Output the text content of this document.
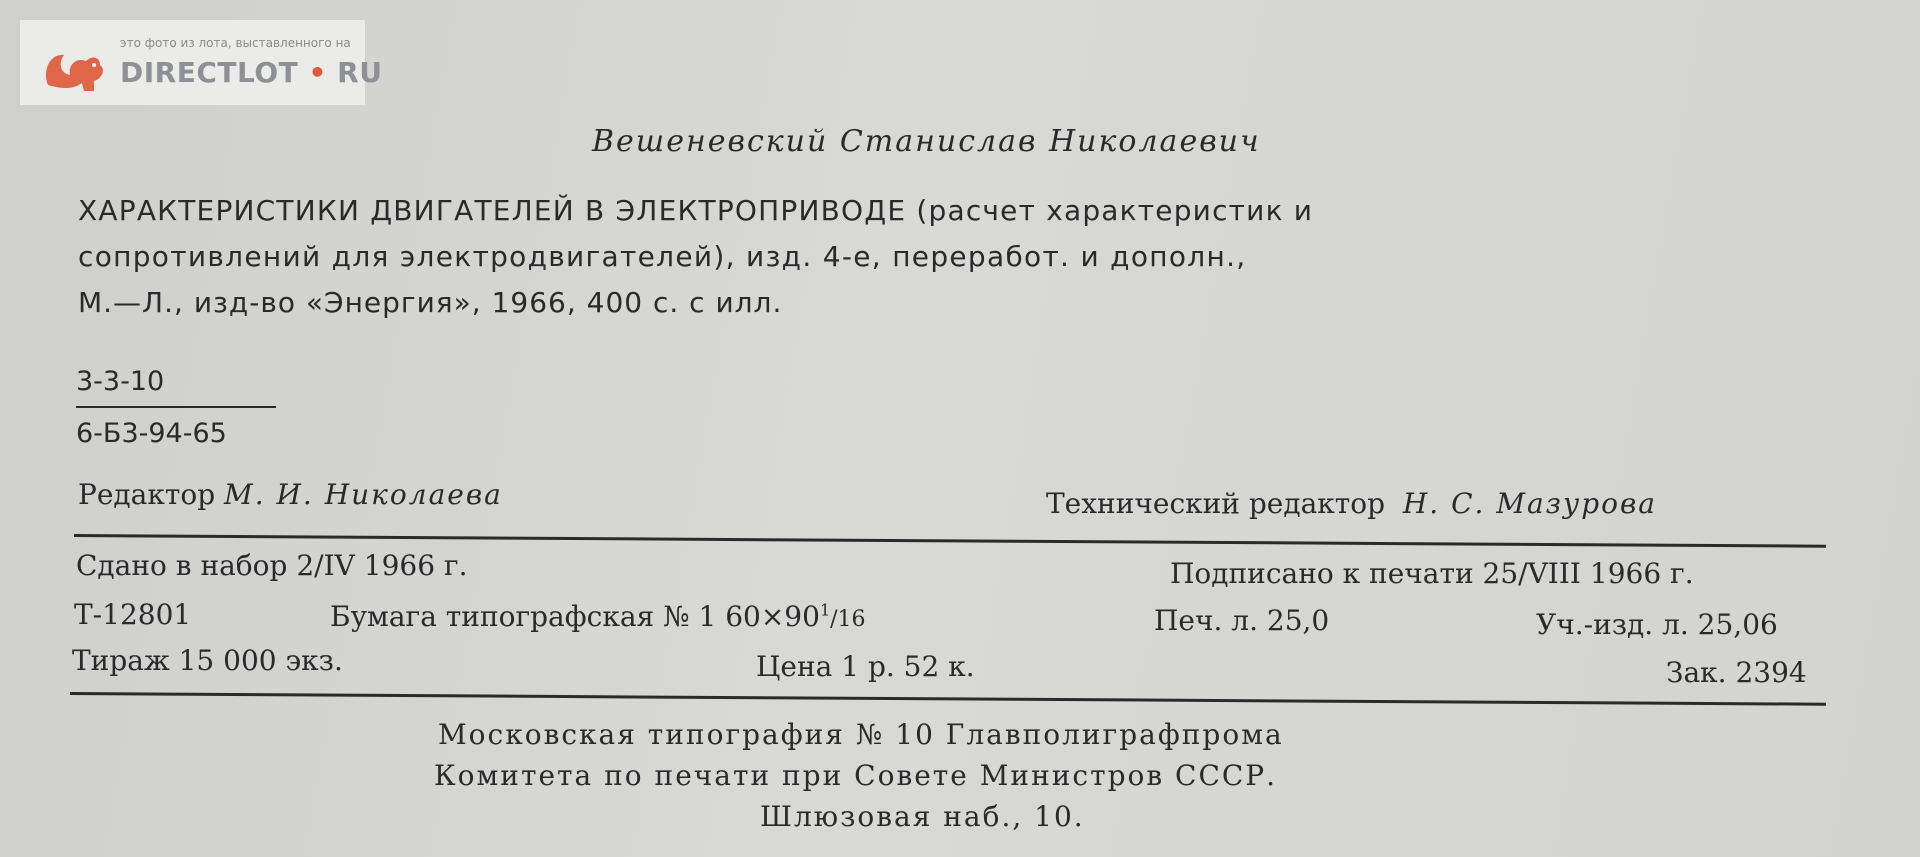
это фото из лота, выставленного на
DIRECTLOT • RU
Вешеневский Станислав Николаевич
ХАРАКТЕРИСТИКИ ДВИГАТЕЛЕЙ В ЭЛЕКТРОПРИВОДЕ (расчет характеристик и
сопротивлений для электродвигателей), изд. 4-е, переработ. и дополн.,
М.—Л., изд-во «Энергия», 1966, 400 с. с илл.
3-3-10
6-Б3-94-65
Редактор М. И. Николаева	Технический редактор Н. С. Мазурова
Сдано в набор 2/IV 1966 г.	Подписано к печати 25/VIII 1966 г.
Т-12801	Бумага типографская № 1 $60\times 90^1/16$	Печ. л. 25,0	Уч.-изд. л. 25,06
Тираж 15 000 экз.	Цена 1 р. 52 к.	Зак. 2394
Московская типография № 10 Главполиграфпрома
Комитета по печати при Совете Министров СССР.
Шлюзовая наб., 10.
